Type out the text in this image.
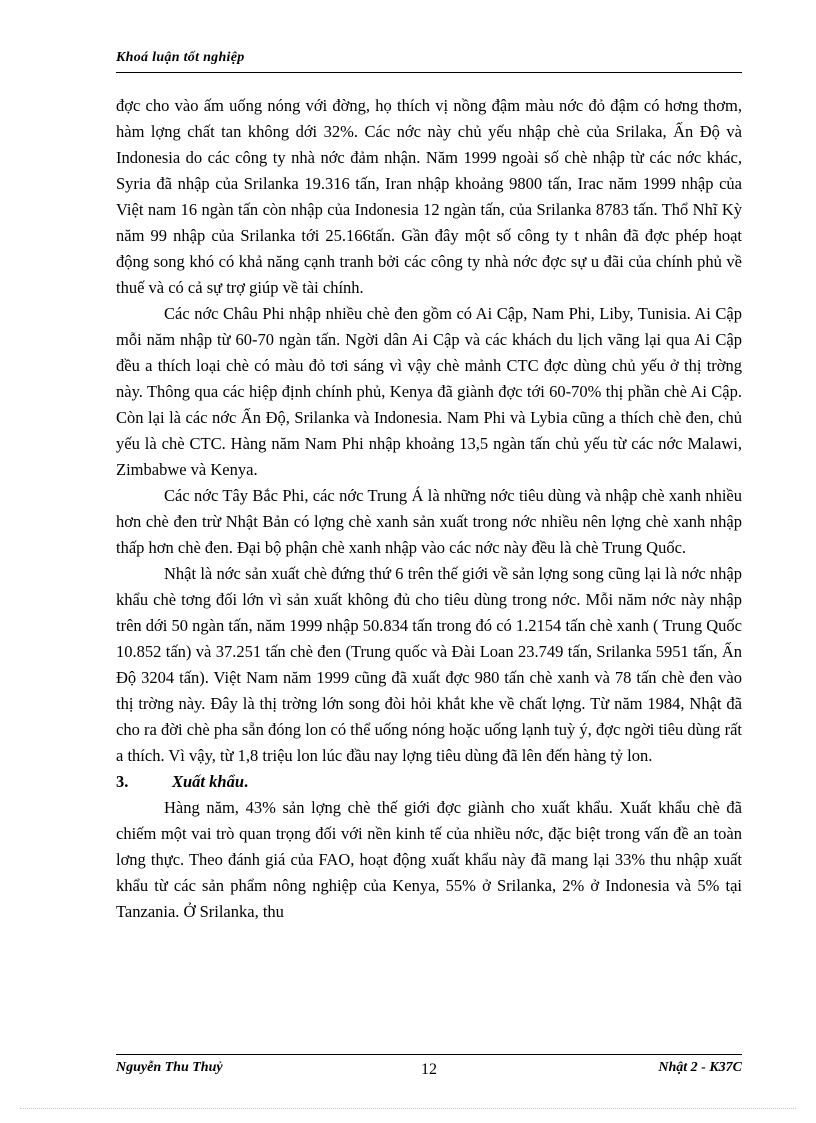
Khoá luận tốt nghiệp

đợc cho vào ấm uống nóng với đờng, họ thích vị nồng đậm màu nớc đỏ đậm có hơng thơm, hàm lợng chất tan không dới 32%. Các nớc này chủ yếu nhập chè của Srilaka, Ấn Độ và Indonesia do các công ty nhà nớc đảm nhận. Năm 1999 ngoài số chè nhập từ các nớc khác, Syria đã nhập của Srilanka 19.316 tấn, Iran nhập khoảng 9800 tấn, Irac năm 1999 nhập của Việt nam 16 ngàn tấn còn nhập của Indonesia 12 ngàn tấn, của Srilanka 8783 tấn. Thổ Nhĩ Kỳ năm 99 nhập của Srilanka tới 25.166tấn. Gần đây một số công ty t nhân đã đợc phép hoạt động song khó có khả năng cạnh tranh bởi các công ty nhà nớc đợc sự u đãi của chính phủ về thuế và có cả sự trợ giúp về tài chính.

Các nớc Châu Phi nhập nhiều chè đen gồm có Ai Cập, Nam Phi, Liby, Tunisia. Ai Cập mỗi năm nhập từ 60-70 ngàn tấn. Ngời dân Ai Cập và các khách du lịch vãng lại qua Ai Cập đều a thích loại chè có màu đỏ tơi sáng vì vậy chè mảnh CTC đợc dùng chủ yếu ở thị trờng này. Thông qua các hiệp định chính phủ, Kenya đã giành đợc tới 60-70% thị phần chè Ai Cập. Còn lại là các nớc Ấn Độ, Srilanka và Indonesia. Nam Phi và Lybia cũng a thích chè đen, chủ yếu là chè CTC. Hàng năm Nam Phi nhập khoảng 13,5 ngàn tấn chủ yếu từ các nớc Malawi, Zimbabwe và Kenya.

Các nớc Tây Bắc Phi, các nớc Trung Á là những nớc tiêu dùng và nhập chè xanh nhiều hơn chè đen trừ Nhật Bản có lợng chè xanh sản xuất trong nớc nhiều nên lợng chè xanh nhập thấp hơn chè đen. Đại bộ phận chè xanh nhập vào các nớc này đều là chè Trung Quốc.

Nhật là nớc sản xuất chè đứng thứ 6 trên thế giới về sản lợng song cũng lại là nớc nhập khẩu chè tơng đối lớn vì sản xuất không đủ cho tiêu dùng trong nớc. Mỗi năm nớc này nhập trên dới 50 ngàn tấn, năm 1999 nhập 50.834 tấn trong đó có 1.2154 tấn chè xanh ( Trung Quốc 10.852 tấn) và 37.251 tấn chè đen (Trung quốc và Đài Loan 23.749 tấn, Srilanka 5951 tấn, Ấn Độ 3204 tấn). Việt Nam năm 1999 cũng đã xuất đợc 980 tấn chè xanh và 78 tấn chè đen vào thị trờng này. Đây là thị trờng lớn song đòi hỏi khắt khe về chất lợng. Từ năm 1984, Nhật đã cho ra đời chè pha sẵn đóng lon có thể uống nóng hoặc uống lạnh tuỳ ý, đợc ngời tiêu dùng rất a thích. Vì vậy, từ 1,8 triệu lon lúc đầu nay lợng tiêu dùng đã lên đến hàng tỷ lon.

3.	Xuất khẩu.

Hàng năm, 43% sản lợng chè thế giới đợc giành cho xuất khẩu. Xuất khẩu chè đã chiếm một vai trò quan trọng đối với nền kinh tế của nhiều nớc, đặc biệt trong vấn đề an toàn lơng thực. Theo đánh giá của FAO, hoạt động xuất khẩu này đã mang lại 33% thu nhập xuất khẩu từ các sản phẩm nông nghiệp của Kenya, 55% ở Srilanka, 2% ở Indonesia và 5% tại Tanzania. Ở Srilanka, thu

Nguyễn Thu Thuỷ	12	Nhật 2 - K37C
